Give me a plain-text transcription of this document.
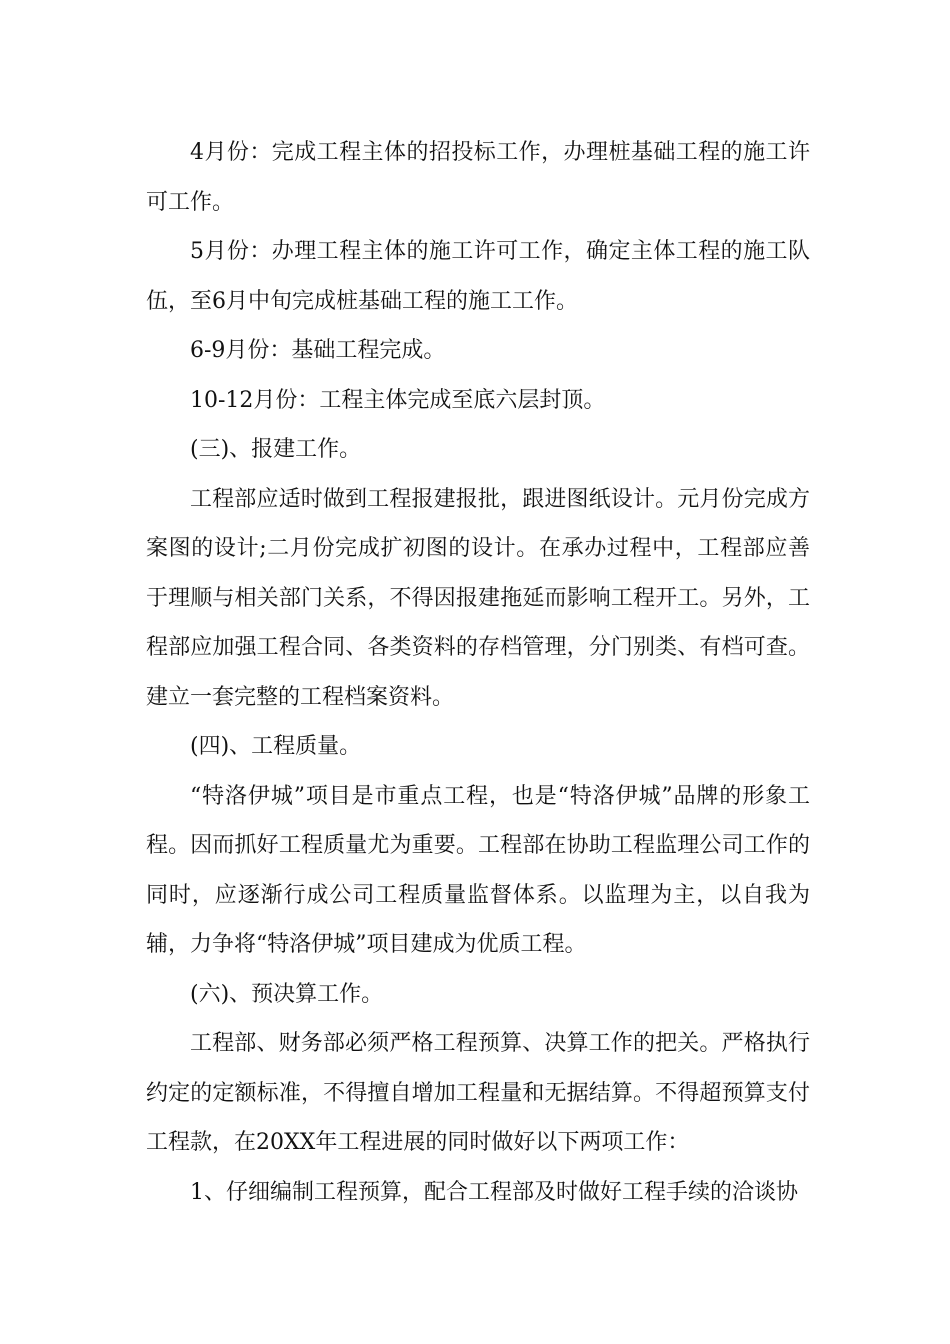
4月份：完成工程主体的招投标工作，办理桩基础工程的施工许可工作。

5月份：办理工程主体的施工许可工作，确定主体工程的施工队伍，至6月中旬完成桩基础工程的施工工作。

6-9月份：基础工程完成。

10-12月份：工程主体完成至底六层封顶。

(三)、报建工作。

工程部应适时做到工程报建报批，跟进图纸设计。元月份完成方案图的设计;二月份完成扩初图的设计。在承办过程中，工程部应善于理顺与相关部门关系，不得因报建拖延而影响工程开工。另外，工程部应加强工程合同、各类资料的存档管理，分门别类、有档可查。建立一套完整的工程档案资料。

(四)、工程质量。

“特洛伊城”项目是市重点工程，也是“特洛伊城”品牌的形象工程。因而抓好工程质量尤为重要。工程部在协助工程监理公司工作的同时，应逐渐行成公司工程质量监督体系。以监理为主，以自我为辅，力争将“特洛伊城”项目建成为优质工程。

(六)、预决算工作。

工程部、财务部必须严格工程预算、决算工作的把关。严格执行约定的定额标准，不得擅自增加工程量和无据结算。不得超预算支付工程款，在20XX年工程进展的同时做好以下两项工作：

1、仔细编制工程预算，配合工程部及时做好工程手续的洽谈协
